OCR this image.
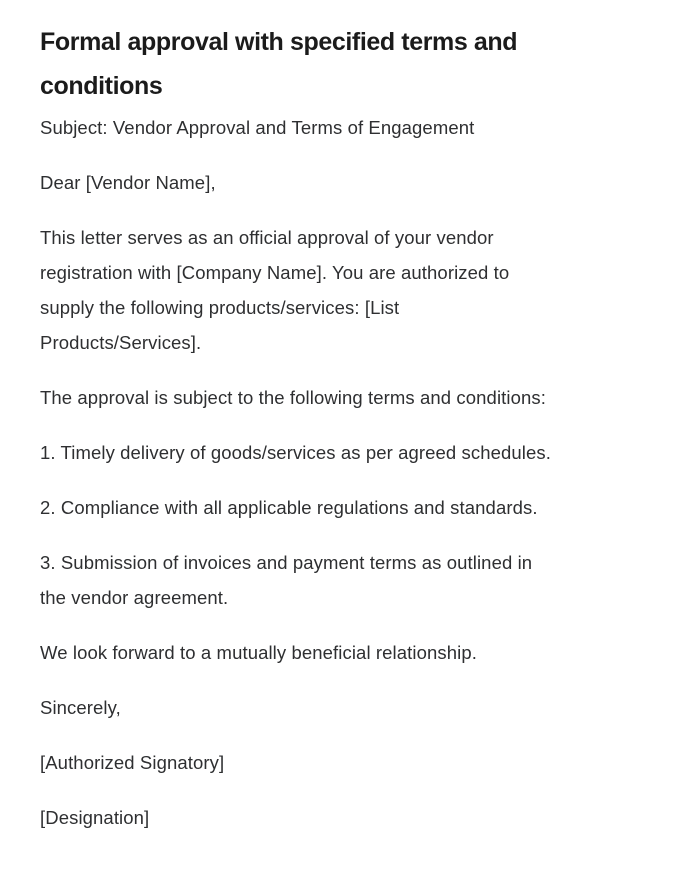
Formal approval with specified terms and
conditions

Subject: Vendor Approval and Terms of Engagement

Dear [Vendor Name],

This letter serves as an official approval of your vendor
registration with [Company Name]. You are authorized to
supply the following products/services: [List
Products/Services].

The approval is subject to the following terms and conditions:

1. Timely delivery of goods/services as per agreed schedules.

2. Compliance with all applicable regulations and standards.

3. Submission of invoices and payment terms as outlined in
the vendor agreement.

We look forward to a mutually beneficial relationship.

Sincerely,

[Authorized Signatory]

[Designation]
